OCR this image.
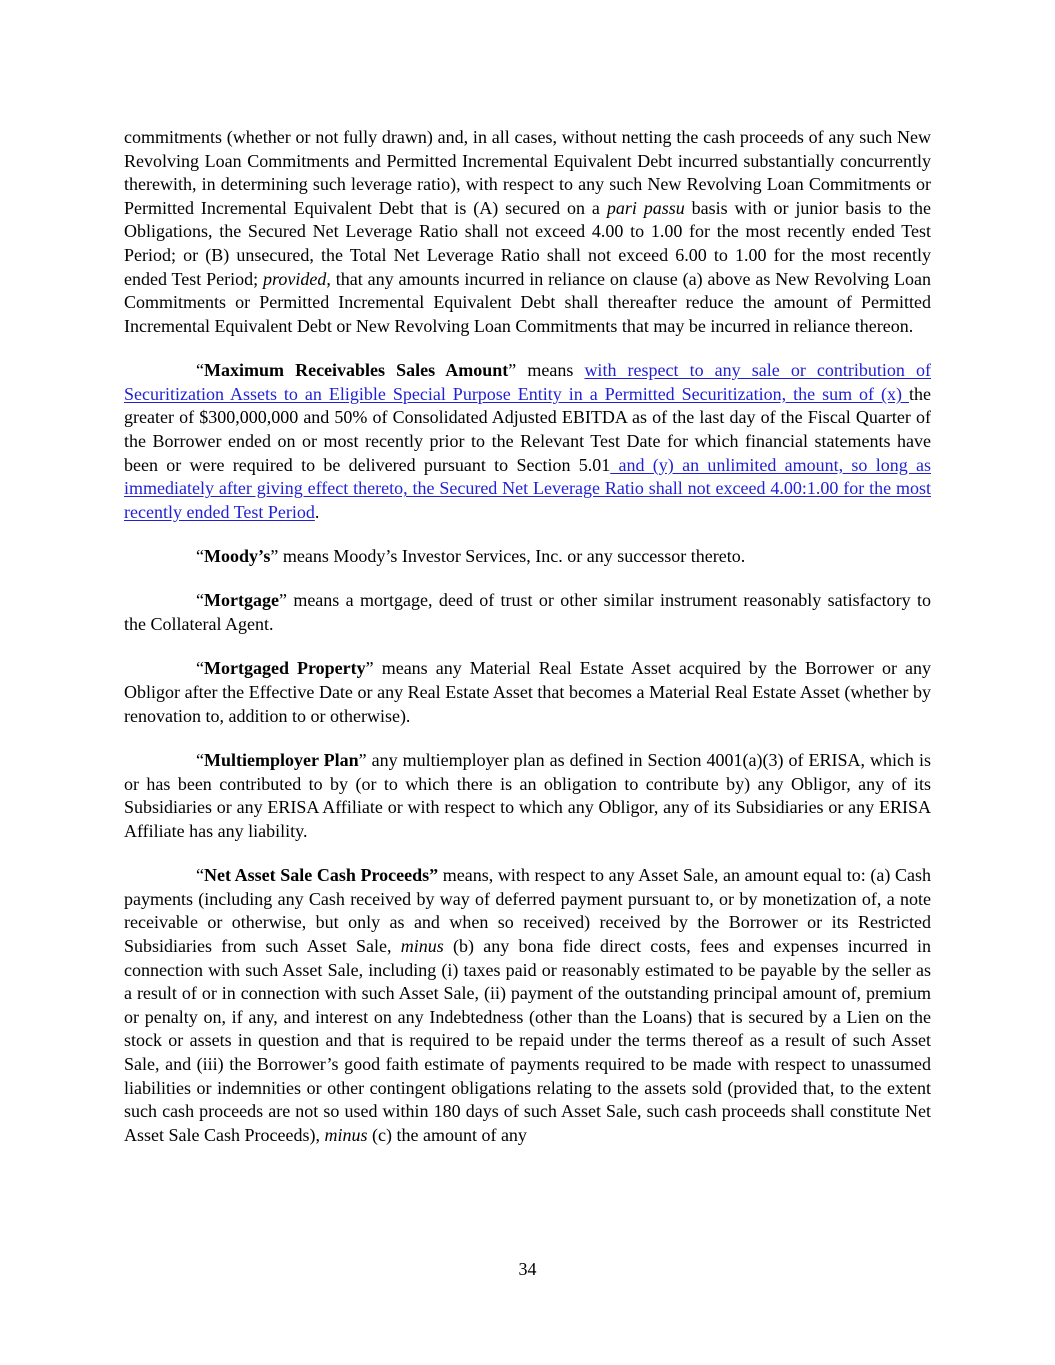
commitments (whether or not fully drawn) and, in all cases, without netting the cash proceeds of any such New Revolving Loan Commitments and Permitted Incremental Equivalent Debt incurred substantially concurrently therewith, in determining such leverage ratio), with respect to any such New Revolving Loan Commitments or Permitted Incremental Equivalent Debt that is (A) secured on a pari passu basis with or junior basis to the Obligations, the Secured Net Leverage Ratio shall not exceed 4.00 to 1.00 for the most recently ended Test Period; or (B) unsecured, the Total Net Leverage Ratio shall not exceed 6.00 to 1.00 for the most recently ended Test Period; provided, that any amounts incurred in reliance on clause (a) above as New Revolving Loan Commitments or Permitted Incremental Equivalent Debt shall thereafter reduce the amount of Permitted Incremental Equivalent Debt or New Revolving Loan Commitments that may be incurred in reliance thereon.

“Maximum Receivables Sales Amount” means with respect to any sale or contribution of Securitization Assets to an Eligible Special Purpose Entity in a Permitted Securitization, the sum of (x) the greater of $300,000,000 and 50% of Consolidated Adjusted EBITDA as of the last day of the Fiscal Quarter of the Borrower ended on or most recently prior to the Relevant Test Date for which financial statements have been or were required to be delivered pursuant to Section 5.01 and (y) an unlimited amount, so long as immediately after giving effect thereto, the Secured Net Leverage Ratio shall not exceed 4.00:1.00 for the most recently ended Test Period.

“Moody’s” means Moody’s Investor Services, Inc. or any successor thereto.

“Mortgage” means a mortgage, deed of trust or other similar instrument reasonably satisfactory to the Collateral Agent.

“Mortgaged Property” means any Material Real Estate Asset acquired by the Borrower or any Obligor after the Effective Date or any Real Estate Asset that becomes a Material Real Estate Asset (whether by renovation to, addition to or otherwise).

“Multiemployer Plan” any multiemployer plan as defined in Section 4001(a)(3) of ERISA, which is or has been contributed to by (or to which there is an obligation to contribute by) any Obligor, any of its Subsidiaries or any ERISA Affiliate or with respect to which any Obligor, any of its Subsidiaries or any ERISA Affiliate has any liability.

“Net Asset Sale Cash Proceeds” means, with respect to any Asset Sale, an amount equal to: (a) Cash payments (including any Cash received by way of deferred payment pursuant to, or by monetization of, a note receivable or otherwise, but only as and when so received) received by the Borrower or its Restricted Subsidiaries from such Asset Sale, minus (b) any bona fide direct costs, fees and expenses incurred in connection with such Asset Sale, including (i) taxes paid or reasonably estimated to be payable by the seller as a result of or in connection with such Asset Sale, (ii) payment of the outstanding principal amount of, premium or penalty on, if any, and interest on any Indebtedness (other than the Loans) that is secured by a Lien on the stock or assets in question and that is required to be repaid under the terms thereof as a result of such Asset Sale, and (iii) the Borrower’s good faith estimate of payments required to be made with respect to unassumed liabilities or indemnities or other contingent obligations relating to the assets sold (provided that, to the extent such cash proceeds are not so used within 180 days of such Asset Sale, such cash proceeds shall constitute Net Asset Sale Cash Proceeds), minus (c) the amount of any

34
